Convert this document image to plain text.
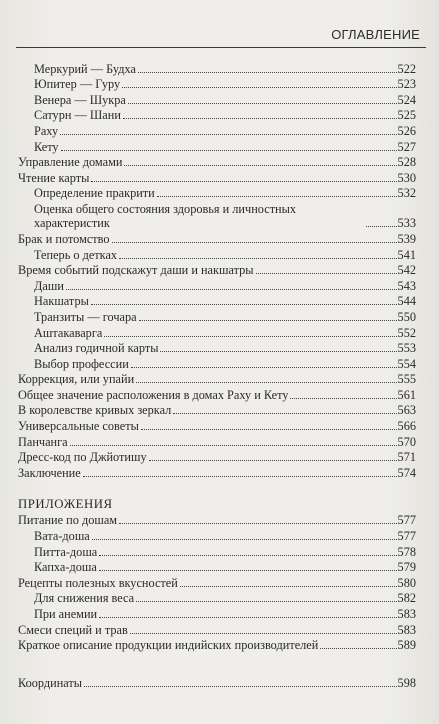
ОГЛАВЛЕНИЕ
Меркурий — Будха	522
Юпитер — Гуру	523
Венера — Шукра	524
Сатурн — Шани	525
Раху	526
Кету	527
Управление домами	528
Чтение карты	530
Определение пракрити	532
Оценка общего состояния здоровья и личностных характеристик	533
Брак и потомство	539
Теперь о детках	541
Время событий подскажут даши и накшатры	542
Даши	543
Накшатры	544
Транзиты — гочара	550
Аштакаварга	552
Анализ годичной карты	553
Выбор профессии	554
Коррекция, или упайи	555
Общее значение расположения в домах Раху и Кету	561
В королевстве кривых зеркал	563
Универсальные советы	566
Панчанга	570
Дресс-код по Джйотишу	571
Заключение	574
ПРИЛОЖЕНИЯ
Питание по дошам	577
Вата-доша	577
Питта-доша	578
Капха-доша	579
Рецепты полезных вкусностей	580
Для снижения веса	582
При анемии	583
Смеси специй и трав	583
Краткое описание продукции индийских производителей	589
Координаты	598
